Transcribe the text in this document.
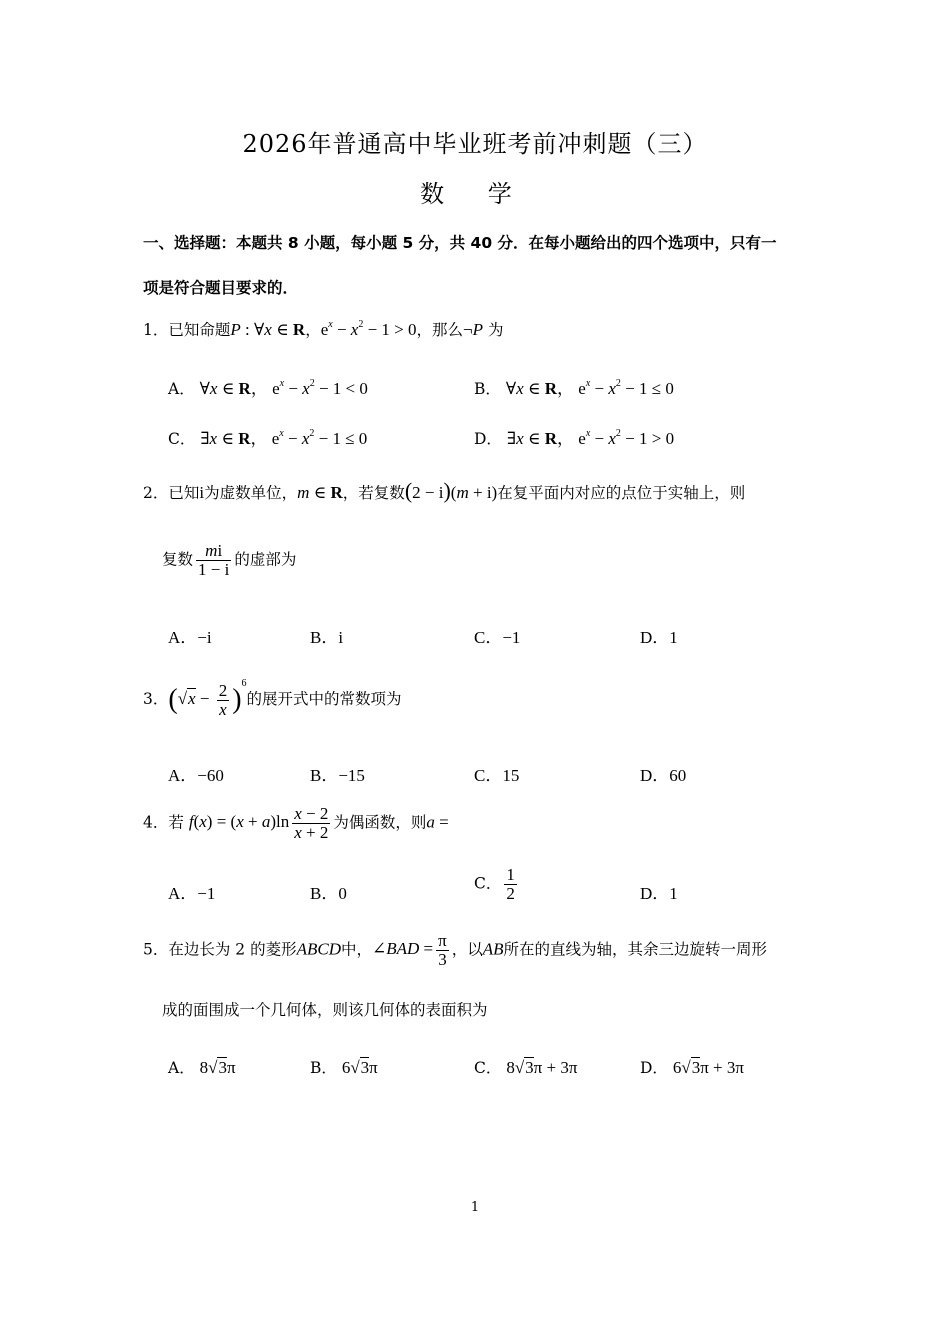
2026年普通高中毕业班考前冲刺题（三）
数 学
一、选择题：本题共 8 小题，每小题 5 分，共 40 分．在每小题给出的四个选项中，只有一
项是符合题目要求的．
1．已知命题P : ∀x ∈ R，$e^x - x^2 - 1 > 0$，那么¬P 为
A． ∀x ∈ R， $e^x - x^2 - 1 < 0$	B． ∀x ∈ R， $e^x - x^2 - 1 \le 0$
C． ∃x ∈ R， $e^x - x^2 - 1 \le 0$	D． ∃x ∈ R， $e^x - x^2 - 1 > 0$
2．已知i为虚数单位，m ∈ R，若复数(2 − i)(m + i)在复平面内对应的点位于实轴上，则
复数 $\frac{mi}{1 - i}$ 的虚部为
A．−i	B．i	C．−1	D．1
3．$(√x - \frac{2}{x} )^6$的展开式中的常数项为
A．−60	B．−15	C．15	D．60
4．若 $f(x) = (x + a)\ln \frac{x - 2}{x + 2}$ 为偶函数，则a =
A．−1	B．0
C． $\frac{1}{2}$	D．1
5．在边长为 2 的菱形ABCD中，∠BAD = $\frac{\pi}{3}$ ，以AB所在的直线为轴，其余三边旋转一周形
成的面围成一个几何体，则该几何体的表面积为
A． 8√3π	B． 6√3π	C． 8√3π + 3π	D． 6√3π + 3π
1
